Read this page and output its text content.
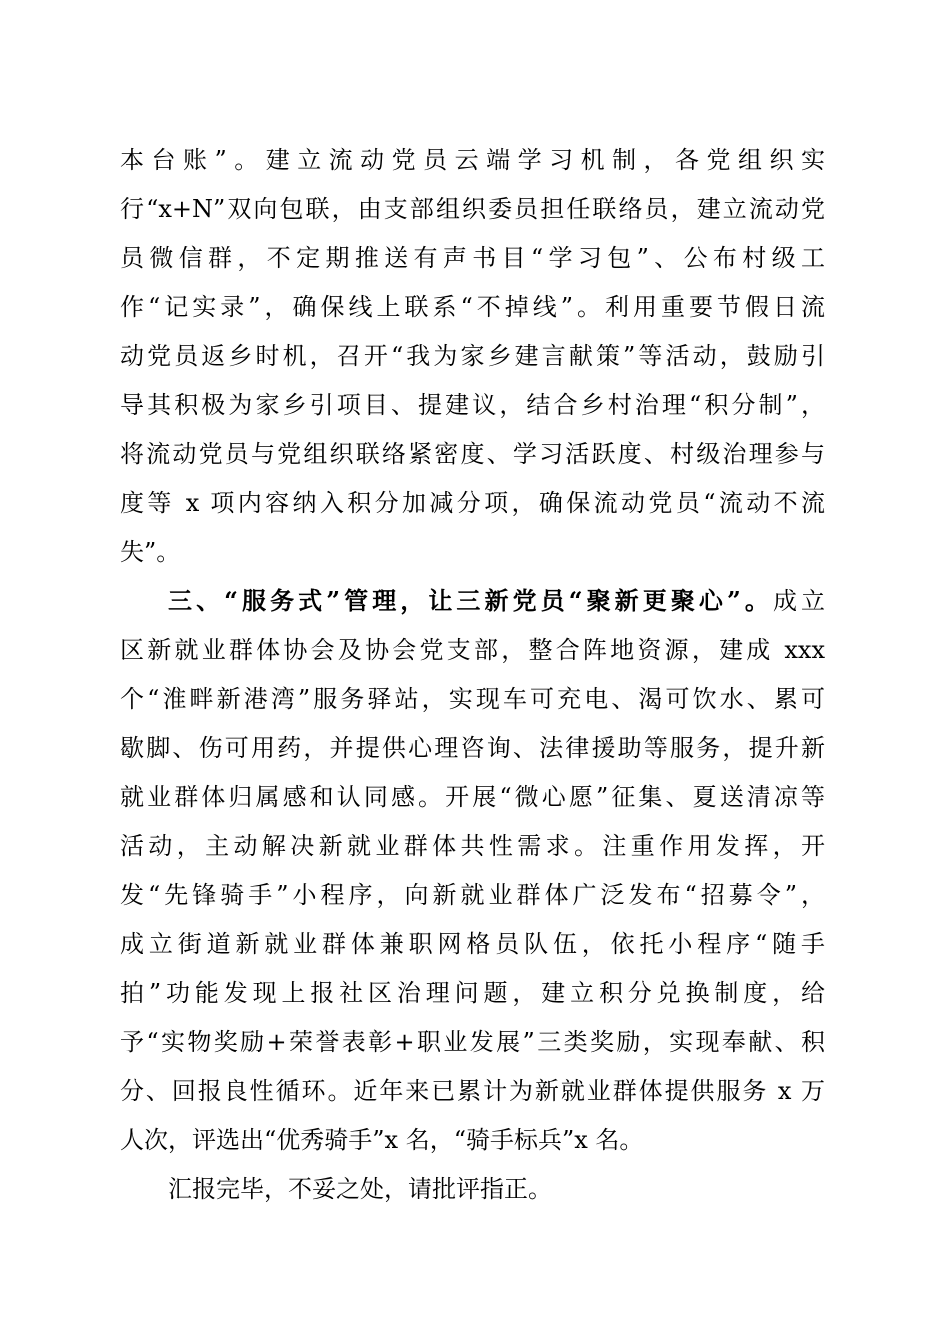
本台账”。建立流动党员云端学习机制，各党组织实
行“x+N”双向包联，由支部组织委员担任联络员，建立流动党
员微信群，不定期推送有声书目“学习包”、公布村级工
作“记实录”，确保线上联系“不掉线”。利用重要节假日流
动党员返乡时机，召开“我为家乡建言献策”等活动，鼓励引
导其积极为家乡引项目、提建议，结合乡村治理“积分制”，
将流动党员与党组织联络紧密度、学习活跃度、村级治理参与
度等 x 项内容纳入积分加减分项，确保流动党员“流动不流
失”。
三、“服务式”管理，让三新党员“聚新更聚心”。成立
区新就业群体协会及协会党支部，整合阵地资源，建成 xxx
个“淮畔新港湾”服务驿站，实现车可充电、渴可饮水、累可
歇脚、伤可用药，并提供心理咨询、法律援助等服务，提升新
就业群体归属感和认同感。开展“微心愿”征集、夏送清凉等
活动，主动解决新就业群体共性需求。注重作用发挥，开
发“先锋骑手”小程序，向新就业群体广泛发布“招募令”，
成立街道新就业群体兼职网格员队伍，依托小程序“随手
拍”功能发现上报社区治理问题，建立积分兑换制度，给
予“实物奖励+荣誉表彰+职业发展”三类奖励，实现奉献、积
分、回报良性循环。近年来已累计为新就业群体提供服务 x 万
人次，评选出“优秀骑手”x 名，“骑手标兵”x 名。
汇报完毕，不妥之处，请批评指正。
